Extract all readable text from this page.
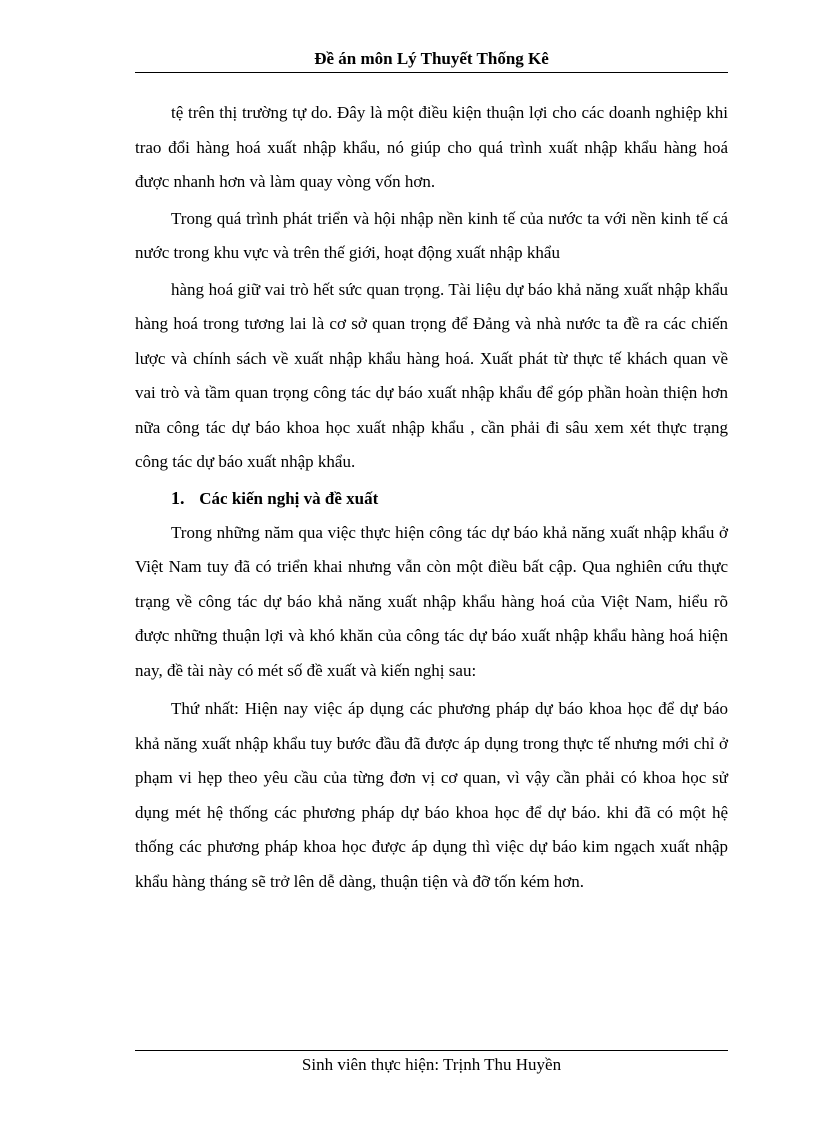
Đề án môn Lý Thuyết Thống Kê

tệ trên thị trường tự do. Đây là một điều kiện thuận lợi cho các doanh nghiệp khi trao đổi hàng hoá xuất nhập khẩu, nó giúp cho quá trình xuất nhập khẩu hàng hoá được nhanh hơn và làm quay vòng vốn hơn.

Trong quá trình phát triển và hội nhập nền kinh tế của nước ta với nền kinh tế cá nước trong khu vực và trên thế giới, hoạt động xuất nhập khẩu

hàng hoá giữ vai trò hết sức quan trọng. Tài liệu dự báo khả năng xuất nhập khẩu hàng hoá trong tương lai là cơ sở quan trọng để Đảng và nhà nước ta đề ra các chiến lược và chính sách về xuất nhập khẩu hàng hoá. Xuất phát từ thực tế khách quan về vai trò và tầm quan trọng công tác dự báo xuất nhập khẩu để góp phần hoàn thiện hơn nữa công tác dự báo khoa học xuất nhập khẩu , cần phải đi sâu xem xét thực trạng công tác dự báo xuất nhập khẩu.

1. Các kiến nghị và đề xuất

Trong những năm qua việc thực hiện công tác dự báo khả năng xuất nhập khẩu ở Việt Nam tuy đã có triển khai nhưng vẫn còn một điều bất cập. Qua nghiên cứu thực trạng về công tác dự báo khả năng xuất nhập khẩu hàng hoá của Việt Nam, hiểu rõ được những thuận lợi và khó khăn của công tác dự báo xuất nhập khẩu hàng hoá hiện nay, đề tài này có mét số đề xuất và kiến nghị sau:

Thứ nhất: Hiện nay việc áp dụng các phương pháp dự báo khoa học để dự báo khả năng xuất nhập khẩu tuy bước đầu đã được áp dụng trong thực tế nhưng mới chỉ ở phạm vi hẹp theo yêu cầu của từng đơn vị cơ quan, vì vậy cần phải có khoa học sử dụng mét hệ thống các phương pháp dự báo khoa học để dự báo. khi đã có một hệ thống các phương pháp khoa học được áp dụng thì việc dự báo kim ngạch xuất nhập khẩu hàng tháng sẽ trở lên dễ dàng, thuận tiện và đỡ tốn kém hơn.

Sinh viên thực hiện: Trịnh Thu Huyền
